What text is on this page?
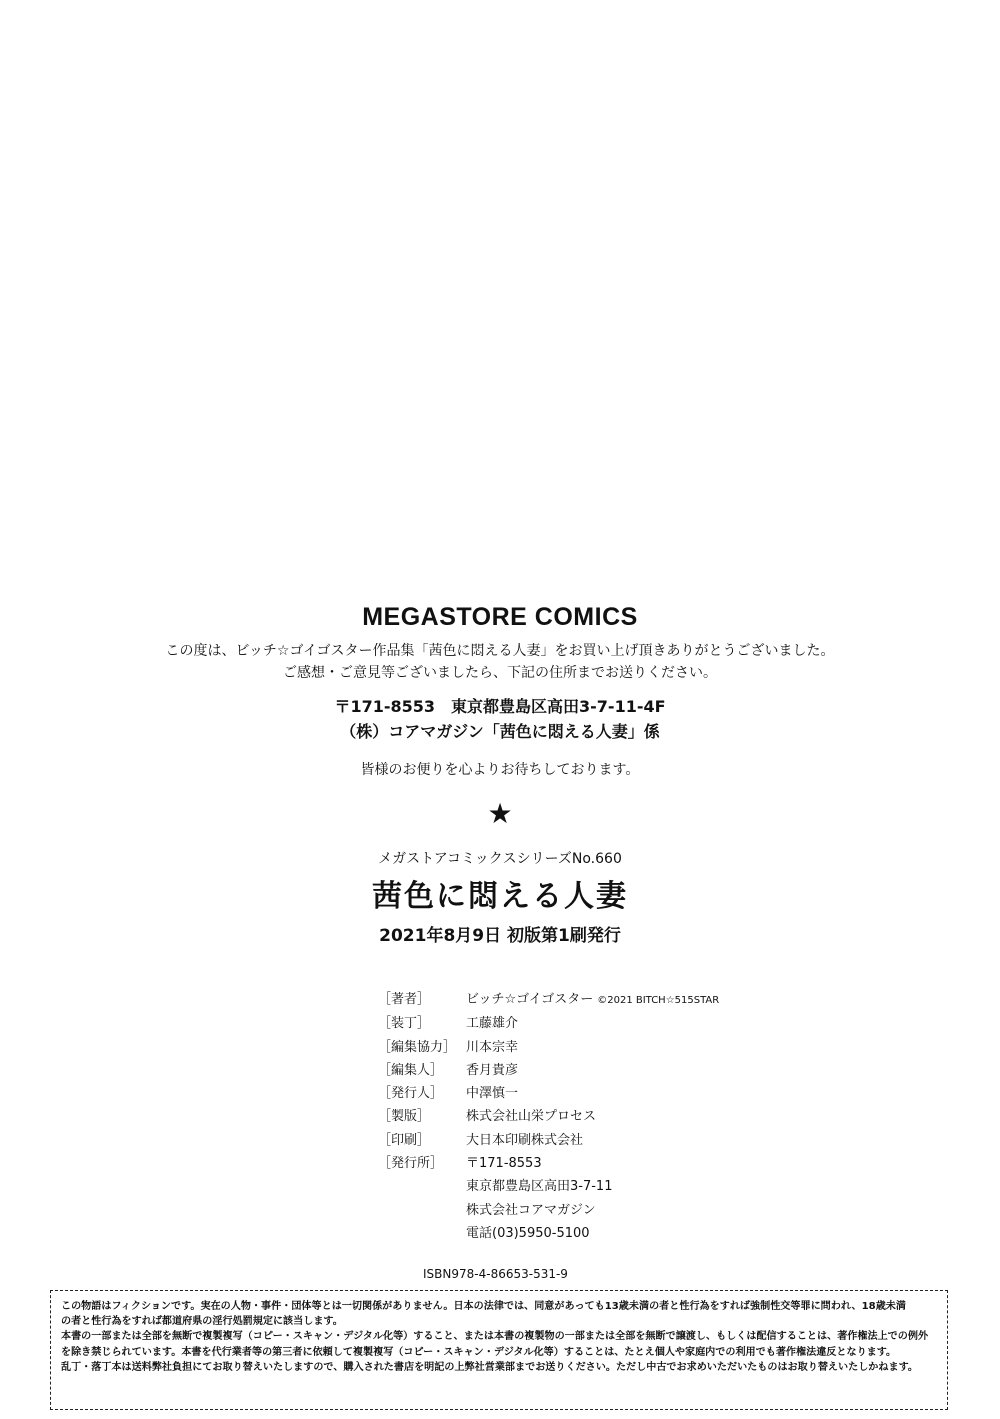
MEGASTORE COMICS
この度は、ビッチ☆ゴイゴスター作品集「茜色に悶える人妻」をお買い上げ頂きありがとうございました。
ご感想・ご意見等ございましたら、下記の住所までお送りください。
〒171-8553　東京都豊島区高田3-7-11-4F
（株）コアマガジン「茜色に悶える人妻」係
皆様のお便りを心よりお待ちしております。
★
メガストアコミックスシリーズNo.660
茜色に悶える人妻
2021年8月9日 初版第1刷発行
［著者］	ビッチ☆ゴイゴスター ©2021 BITCH☆515STAR
［装丁］	工藤雄介
［編集協力］ 川本宗幸
［編集人］	香月貴彦
［発行人］	中澤慎一
［製版］	株式会社山栄プロセス
［印刷］	大日本印刷株式会社
［発行所］	〒171-8553
東京都豊島区高田3-7-11
株式会社コアマガジン
電話(03)5950-5100
ISBN978-4-86653-531-9
この物語はフィクションです。実在の人物・事件・団体等とは一切関係がありません。日本の法律では、同意があっても13歳未満の者と性行為をすれば強制性交等罪に問われ、18歳未満
の者と性行為をすれば都道府県の淫行処罰規定に該当します。
本書の一部または全部を無断で複製複写（コピー・スキャン・デジタル化等）すること、または本書の複製物の一部または全部を無断で譲渡し、もしくは配信することは、著作権法上での例外
を除き禁じられています。本書を代行業者等の第三者に依頼して複製複写（コピー・スキャン・デジタル化等）することは、たとえ個人や家庭内での利用でも著作権法違反となります。
乱丁・落丁本は送料弊社負担にてお取り替えいたしますので、購入された書店を明記の上弊社営業部までお送りください。ただし中古でお求めいただいたものはお取り替えいたしかねます。
